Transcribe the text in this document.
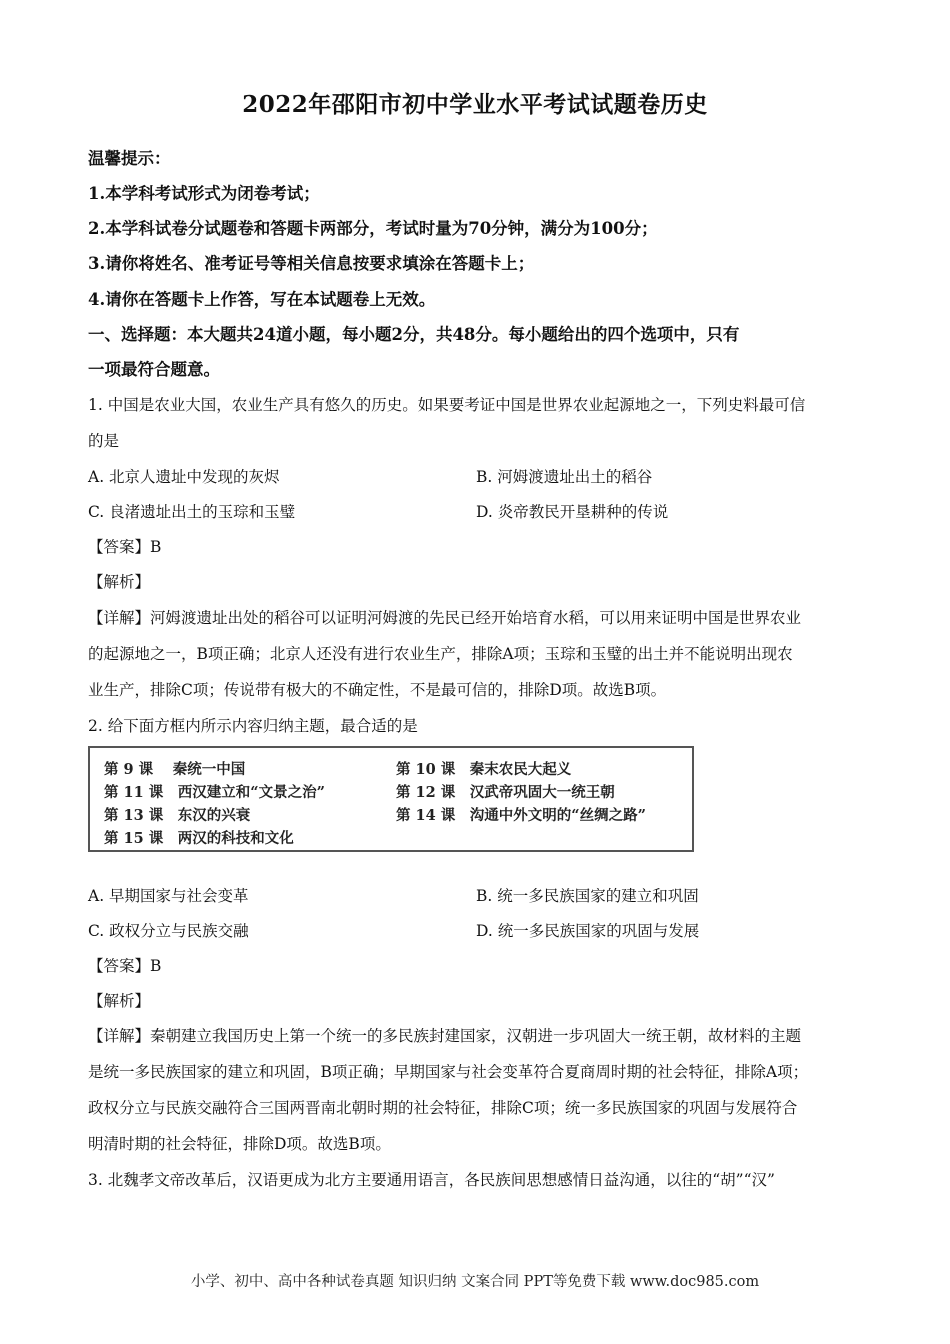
2022年邵阳市初中学业水平考试试题卷历史
温馨提示：
1.本学科考试形式为闭卷考试；
2.本学科试卷分试题卷和答题卡两部分，考试时量为70分钟，满分为100分；
3.请你将姓名、准考证号等相关信息按要求填涂在答题卡上；
4.请你在答题卡上作答，写在本试题卷上无效。
一、选择题：本大题共24道小题，每小题2分，共48分。每小题给出的四个选项中，只有
一项最符合题意。
1. 中国是农业大国，农业生产具有悠久的历史。如果要考证中国是世界农业起源地之一，下列史料最可信
的是
A. 北京人遗址中发现的灰烬	B. 河姆渡遗址出土的稻谷
C. 良渚遗址出土的玉琮和玉璧	D. 炎帝教民开垦耕种的传说
【答案】B
【解析】
【详解】河姆渡遗址出处的稻谷可以证明河姆渡的先民已经开始培育水稻，可以用来证明中国是世界农业
的起源地之一，B项正确；北京人还没有进行农业生产，排除A项；玉琮和玉璧的出土并不能说明出现农
业生产，排除C项；传说带有极大的不确定性，不是最可信的，排除D项。故选B项。
2. 给下面方框内所示内容归纳主题，最合适的是
第 9 课　 秦统一中国	第 10 课　秦末农民大起义
第 11 课　西汉建立和“文景之治”	第 12 课　汉武帝巩固大一统王朝
第 13 课　东汉的兴衰	第 14 课　沟通中外文明的“丝绸之路”
第 15 课　两汉的科技和文化
A. 早期国家与社会变革	B. 统一多民族国家的建立和巩固
C. 政权分立与民族交融	D. 统一多民族国家的巩固与发展
【答案】B
【解析】
【详解】秦朝建立我国历史上第一个统一的多民族封建国家，汉朝进一步巩固大一统王朝，故材料的主题
是统一多民族国家的建立和巩固，B项正确；早期国家与社会变革符合夏商周时期的社会特征，排除A项；
政权分立与民族交融符合三国两晋南北朝时期的社会特征，排除C项；统一多民族国家的巩固与发展符合
明清时期的社会特征，排除D项。故选B项。
3. 北魏孝文帝改革后，汉语更成为北方主要通用语言，各民族间思想感情日益沟通，以往的“胡”“汉”
小学、初中、高中各种试卷真题 知识归纳 文案合同 PPT等免费下载 www.doc985.com
